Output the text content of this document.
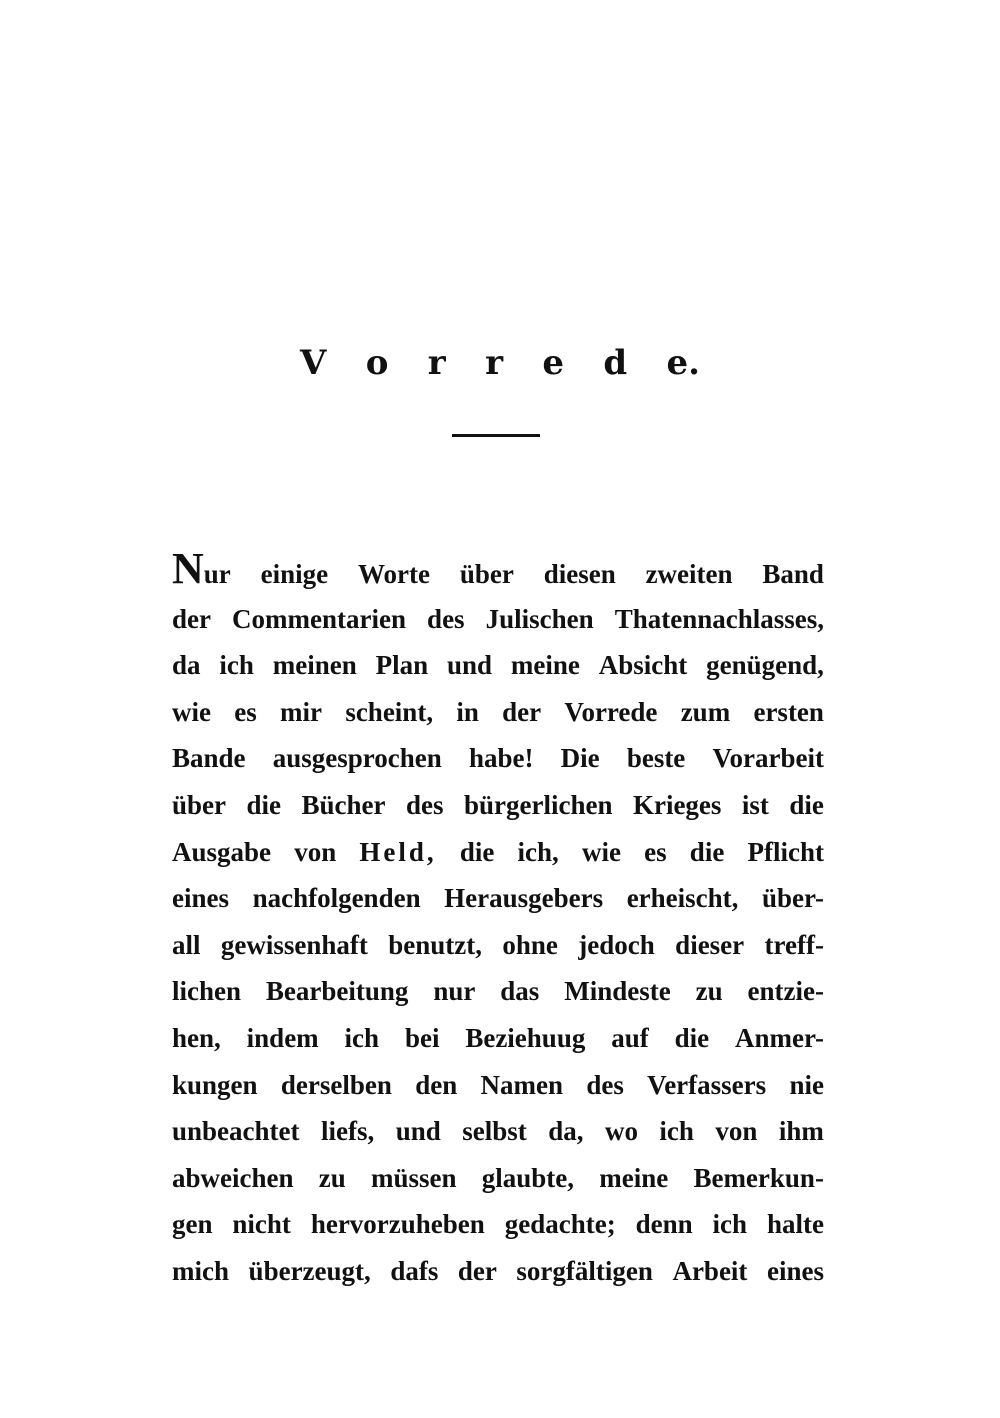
V o r r e d e.
Nur einige Worte über diesen zweiten Band
der Commentarien des Julischen Thatennachlasses,
da ich meinen Plan und meine Absicht genügend,
wie es mir scheint, in der Vorrede zum ersten
Bande ausgesprochen habe! Die beste Vorarbeit
über die Bücher des bürgerlichen Krieges ist die
Ausgabe von Held, die ich, wie es die Pflicht
eines nachfolgenden Herausgebers erheischt, über-
all gewissenhaft benutzt, ohne jedoch dieser treff-
lichen Bearbeitung nur das Mindeste zu entzie-
hen, indem ich bei Beziehuug auf die Anmer-
kungen derselben den Namen des Verfassers nie
unbeachtet liefs, und selbst da, wo ich von ihm
abweichen zu müssen glaubte, meine Bemerkun-
gen nicht hervorzuheben gedachte; denn ich halte
mich überzeugt, dafs der sorgfältigen Arbeit eines
